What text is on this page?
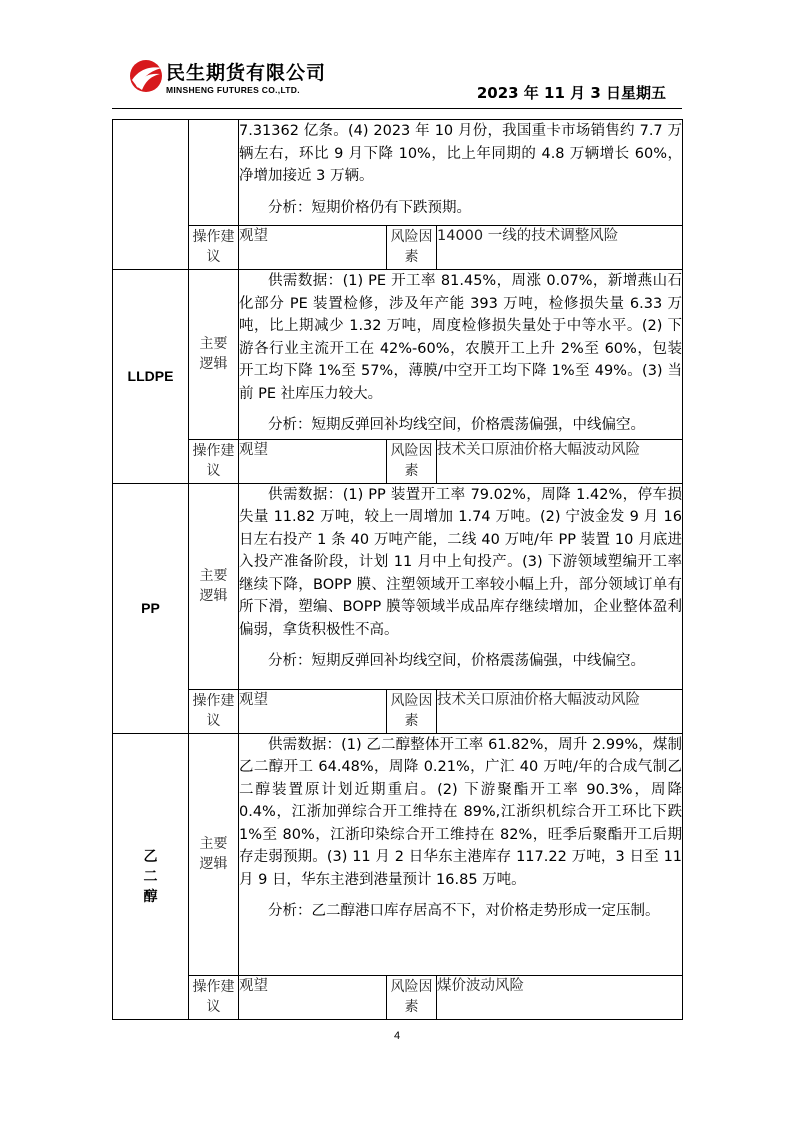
民生期货有限公司
MINSHENG FUTURES CO.,LTD.	2023 年 11 月 3 日星期五

		7.31362 亿条。(4) 2023 年 10 月份，我国重卡市场销售约 7.7 万辆左右，环比 9 月下降 10%，比上年同期的 4.8 万辆增长 60%，净增加接近 3 万辆。

分析：短期价格仍有下跌预期。		

	操作建议	观望	风险因素	14000 一线的技术调整风险
LLDPE	主要逻辑	供需数据：(1) PE 开工率 81.45%，周涨 0.07%，新增燕山石化部分 PE 装置检修，涉及年产能 393 万吨，检修损失量 6.33 万吨，比上期减少 1.32 万吨，周度检修损失量处于中等水平。(2) 下游各行业主流开工在 42%-60%，农膜开工上升 2%至 60%，包装开工均下降 1%至 57%，薄膜/中空开工均下降 1%至 49%。(3) 当前 PE 社库压力较大。

分析：短期反弹回补均线空间，价格震荡偏强，中线偏空。		

	操作建议	观望	风险因素	技术关口原油价格大幅波动风险
PP	主要逻辑	供需数据：(1) PP 装置开工率 79.02%，周降 1.42%，停车损失量 11.82 万吨，较上一周增加 1.74 万吨。(2) 宁波金发 9 月 16 日左右投产 1 条 40 万吨产能，二线 40 万吨/年 PP 装置 10 月底进入投产准备阶段，计划 11 月中上旬投产。(3) 下游领域塑编开工率继续下降，BOPP 膜、注塑领域开工率较小幅上升，部分领域订单有所下滑，塑编、BOPP 膜等领域半成品库存继续增加，企业整体盈利偏弱，拿货积极性不高。

分析：短期反弹回补均线空间，价格震荡偏强，中线偏空。		

	操作建议	观望	风险因素	技术关口原油价格大幅波动风险
乙二醇	主要逻辑	供需数据：(1) 乙二醇整体开工率 61.82%，周升 2.99%，煤制乙二醇开工 64.48%，周降 0.21%，广汇 40 万吨/年的合成气制乙二醇装置原计划近期重启。(2) 下游聚酯开工率 90.3%，周降 0.4%，江浙加弹综合开工维持在 89%,江浙织机综合开工环比下跌 1%至 80%，江浙印染综合开工维持在 82%，旺季后聚酯开工后期存走弱预期。(3) 11 月 2 日华东主港库存 117.22 万吨，3 日至 11 月 9 日，华东主港到港量预计 16.85 万吨。

分析：乙二醇港口库存居高不下，对价格走势形成一定压制。		

	操作建议	观望	风险因素	煤价波动风险
4
